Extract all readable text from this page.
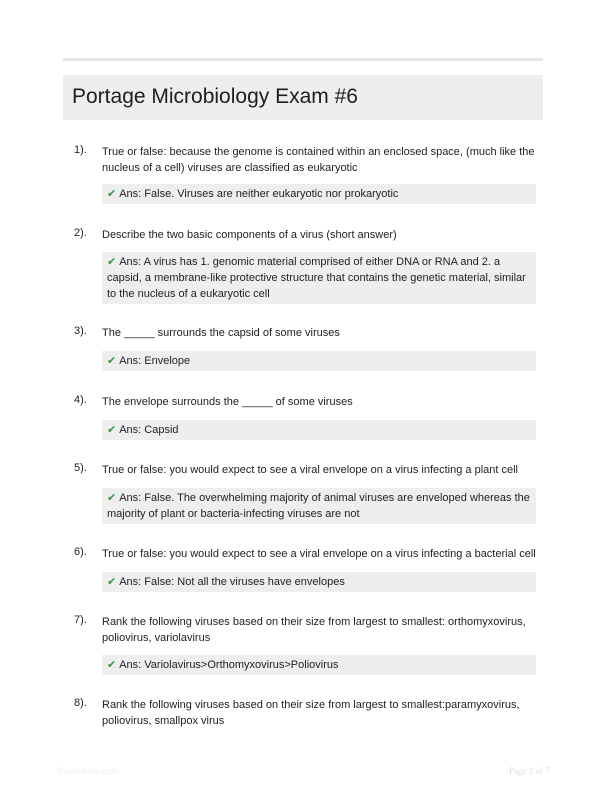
Portage Microbiology Exam #6
1). True or false: because the genome is contained within an enclosed space, (much like the nucleus of a cell) viruses are classified as eukaryotic
✔ Ans: False. Viruses are neither eukaryotic nor prokaryotic
2). Describe the two basic components of a virus (short answer)
✔ Ans: A virus has 1. genomic material comprised of either DNA or RNA and 2. a capsid, a membrane-like protective structure that contains the genetic material, similar to the nucleus of a eukaryotic cell
3). The _____ surrounds the capsid of some viruses
✔ Ans: Envelope
4). The envelope surrounds the _____ of some viruses
✔ Ans: Capsid
5). True or false: you would expect to see a viral envelope on a virus infecting a plant cell
✔ Ans: False. The overwhelming majority of animal viruses are enveloped whereas the majority of plant or bacteria-infecting viruses are not
6). True or false: you would expect to see a viral envelope on a virus infecting a bacterial cell
✔ Ans: False: Not all the viruses have envelopes
7). Rank the following viruses based on their size from largest to smallest: orthomyxovirus, poliovirus, variolavirus
✔ Ans: Variolavirus>Orthomyxovirus>Poliovirus
8). Rank the following viruses based on their size from largest to smallest:paramyxovirus, poliovirus, smallpox virus
Papertutor.com	Page 1 of 7
